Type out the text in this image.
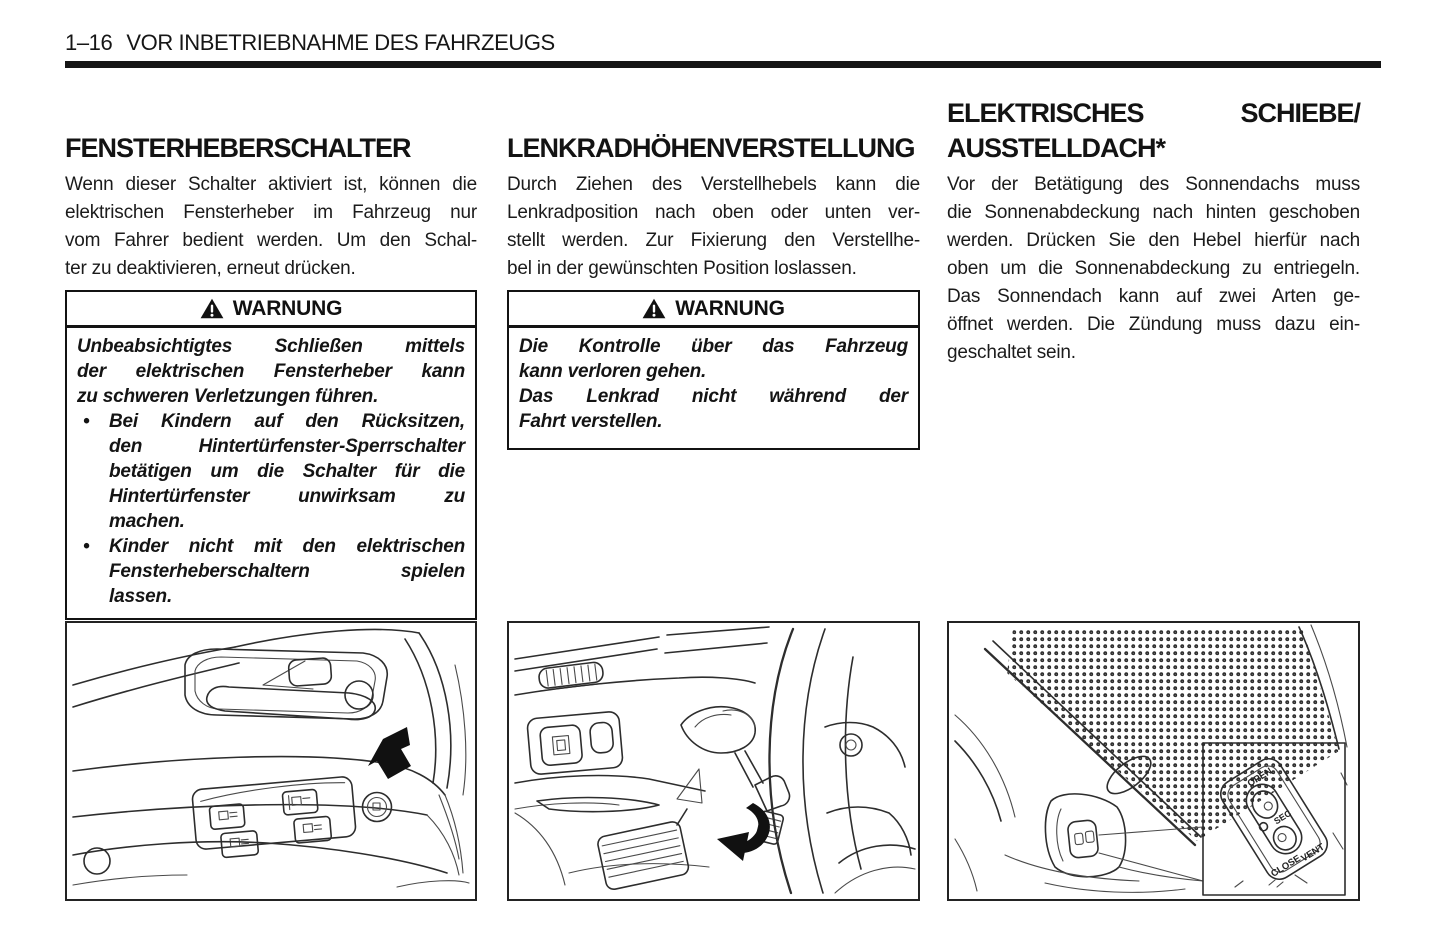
1–16 VOR INBETRIEBNAHME DES FAHRZEUGS
FENSTERHEBERSCHALTER
Wenn dieser Schalter aktiviert ist, können die
elektrischen Fensterheber im Fahrzeug nur
vom Fahrer bedient werden. Um den Schal-
ter zu deaktivieren, erneut drücken.
WARNUNG
Unbeabsichtigtes Schließen mittels
der elektrischen Fensterheber kann
zu schweren Verletzungen führen.
•	Bei Kindern auf den Rücksitzen,
den Hintertürfenster-Sperrschalter
betätigen um die Schalter für die
Hintertürfenster unwirksam zu
machen.
•	Kinder nicht mit den elektrischen
Fensterheberschaltern spielen
lassen.
LENKRADHÖHENVERSTELLUNG
Durch Ziehen des Verstellhebels kann die
Lenkradposition nach oben oder unten ver-
stellt werden. Zur Fixierung den Verstellhe-
bel in der gewünschten Position loslassen.
WARNUNG
Die Kontrolle über das Fahrzeug
kann verloren gehen.
Das Lenkrad nicht während der
Fahrt verstellen.
ELEKTRISCHES SCHIEBE/
AUSSTELLDACH*
Vor der Betätigung des Sonnendachs muss
die Sonnenabdeckung nach hinten geschoben
werden. Drücken Sie den Hebel hierfür nach
oben um die Sonnenabdeckung zu entriegeln.
Das Sonnendach kann auf zwei Arten ge-
öffnet werden. Die Zündung muss dazu ein-
geschaltet sein.
OPEN
SEC
CLOSE
VENT
